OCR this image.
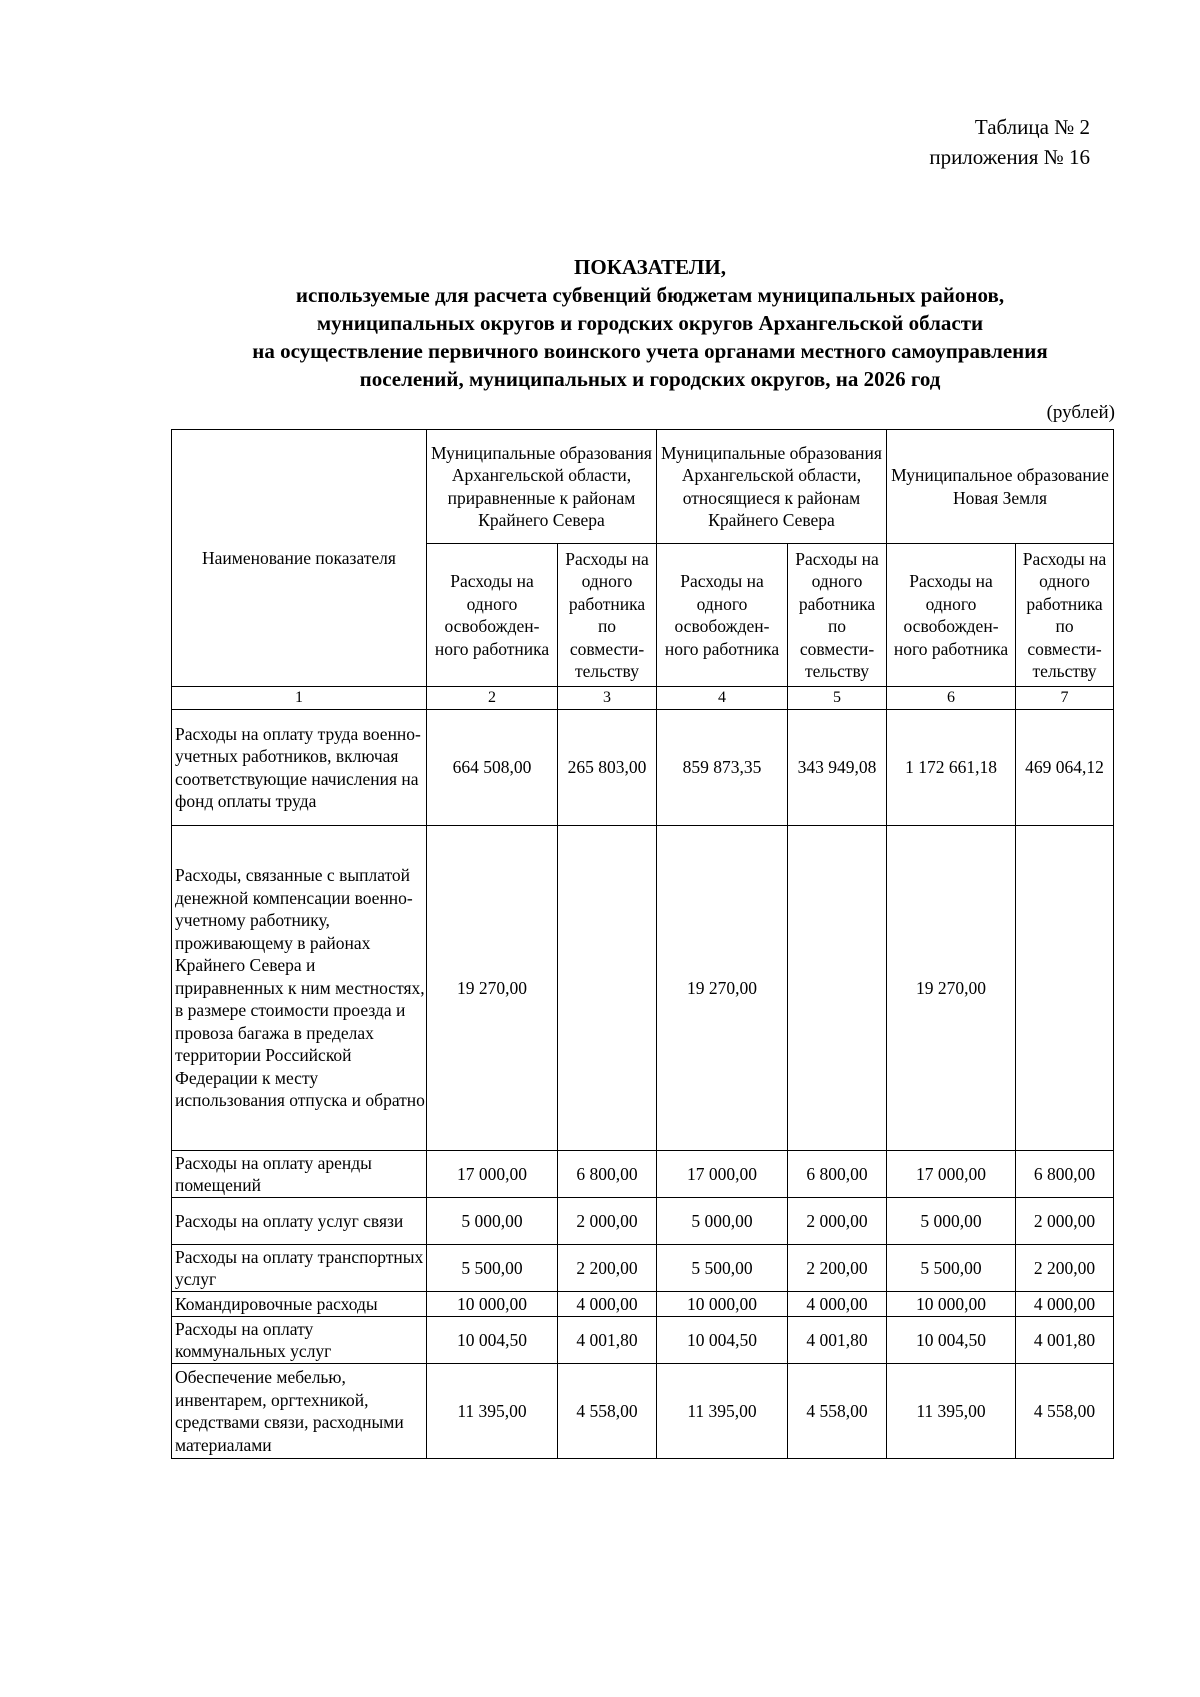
Таблица № 2
приложения № 16
ПОКАЗАТЕЛИ,
используемые для расчета субвенций бюджетам муниципальных районов,
муниципальных округов и городских округов Архангельской области
на осуществление первичного воинского учета органами местного самоуправления
поселений, муниципальных и городских округов, на 2026 год
(рублей)
Наименование показателя	Муниципальные образования Архангельской области, приравненные к районам Крайнего Севера		Муниципальные образования Архангельской области, относящиеся к районам Крайнего Севера		Муниципальное образование Новая Земля	
	Расходы на одного освобожден-ного работника	Расходы на одного работника по совмести-тельству	Расходы на одного освобожден-ного работника	Расходы на одного работника по совмести-тельству	Расходы на одного освобожден-ного работника	Расходы на одного работника по совмести-тельству
1	2	3	4	5	6	7
Расходы на оплату труда военно-учетных работников, включая соответствующие начисления на фонд оплаты труда	664 508,00	265 803,00	859 873,35	343 949,08	1 172 661,18	469 064,12
Расходы, связанные с выплатой денежной компенсации военно-учетному работнику, проживающему в районах Крайнего Севера и приравненных к ним местностях, в размере стоимости проезда и провоза багажа в пределах территории Российской Федерации к месту использования отпуска и обратно	19 270,00		19 270,00		19 270,00	
Расходы на оплату аренды помещений	17 000,00	6 800,00	17 000,00	6 800,00	17 000,00	6 800,00
Расходы на оплату услуг связи	5 000,00	2 000,00	5 000,00	2 000,00	5 000,00	2 000,00
Расходы на оплату транспортных услуг	5 500,00	2 200,00	5 500,00	2 200,00	5 500,00	2 200,00
Командировочные расходы	10 000,00	4 000,00	10 000,00	4 000,00	10 000,00	4 000,00
Расходы на оплату коммунальных услуг	10 004,50	4 001,80	10 004,50	4 001,80	10 004,50	4 001,80
Обеспечение мебелью, инвентарем, оргтехникой, средствами связи, расходными материалами	11 395,00	4 558,00	11 395,00	4 558,00	11 395,00	4 558,00
